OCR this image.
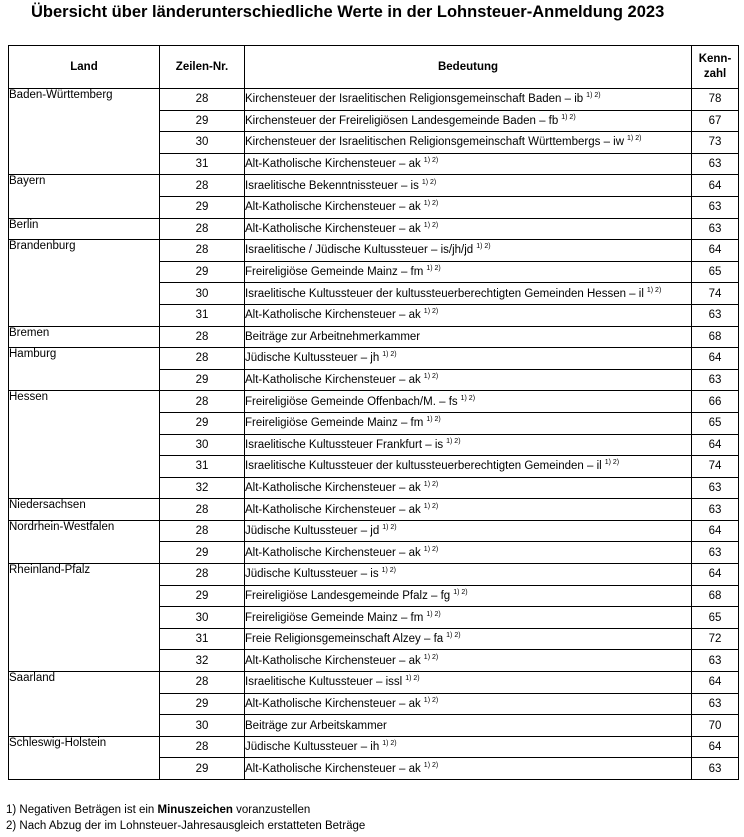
Übersicht über länderunterschiedliche Werte in der Lohnsteuer-Anmeldung 2023
Land	Zeilen-Nr.	Bedeutung	Kenn-
zahl
Baden-Württemberg	28	Kirchensteuer der Israelitischen Religionsgemeinschaft Baden – ib $^{1) 2)}$	78
	29	Kirchensteuer der Freireligiösen Landesgemeinde Baden – fb $^{1) 2)}$	67
	30	Kirchensteuer der Israelitischen Religionsgemeinschaft Württembergs – iw $^{1) 2)}$	73
	31	Alt-Katholische Kirchensteuer – ak $^{1) 2)}$	63
Bayern	28	Israelitische Bekenntnissteuer – is $^{1) 2)}$	64
	29	Alt-Katholische Kirchensteuer – ak $^{1) 2)}$	63
Berlin	28	Alt-Katholische Kirchensteuer – ak $^{1) 2)}$	63
Brandenburg	28	Israelitische / Jüdische Kultussteuer – is/jh/jd $^{1) 2)}$	64
	29	Freireligiöse Gemeinde Mainz – fm $^{1) 2)}$	65
	30	Israelitische Kultussteuer der kultussteuerberechtigten Gemeinden Hessen – il $^{1) 2)}$	74
	31	Alt-Katholische Kirchensteuer – ak $^{1) 2)}$	63
Bremen	28	Beiträge zur Arbeitnehmerkammer	68
Hamburg	28	Jüdische Kultussteuer – jh $^{1) 2)}$	64
	29	Alt-Katholische Kirchensteuer – ak $^{1) 2)}$	63
Hessen	28	Freireligiöse Gemeinde Offenbach/M. – fs $^{1) 2)}$	66
	29	Freireligiöse Gemeinde Mainz – fm $^{1) 2)}$	65
	30	Israelitische Kultussteuer Frankfurt – is $^{1) 2)}$	64
	31	Israelitische Kultussteuer der kultussteuerberechtigten Gemeinden – il $^{1) 2)}$	74
	32	Alt-Katholische Kirchensteuer – ak $^{1) 2)}$	63
Niedersachsen	28	Alt-Katholische Kirchensteuer – ak $^{1) 2)}$	63
Nordrhein-Westfalen	28	Jüdische Kultussteuer – jd $^{1) 2)}$	64
	29	Alt-Katholische Kirchensteuer – ak $^{1) 2)}$	63
Rheinland-Pfalz	28	Jüdische Kultussteuer – is $^{1) 2)}$	64
	29	Freireligiöse Landesgemeinde Pfalz – fg $^{1) 2)}$	68
	30	Freireligiöse Gemeinde Mainz – fm $^{1) 2)}$	65
	31	Freie Religionsgemeinschaft Alzey – fa $^{1) 2)}$	72
	32	Alt-Katholische Kirchensteuer – ak $^{1) 2)}$	63
Saarland	28	Israelitische Kultussteuer – issl $^{1) 2)}$	64
	29	Alt-Katholische Kirchensteuer – ak $^{1) 2)}$	63
	30	Beiträge zur Arbeitskammer	70
Schleswig-Holstein	28	Jüdische Kultussteuer – ih $^{1) 2)}$	64
	29	Alt-Katholische Kirchensteuer – ak $^{1) 2)}$	63
1) Negativen Beträgen ist ein Minuszeichen voranzustellen
2) Nach Abzug der im Lohnsteuer-Jahresausgleich erstatteten Beträge
